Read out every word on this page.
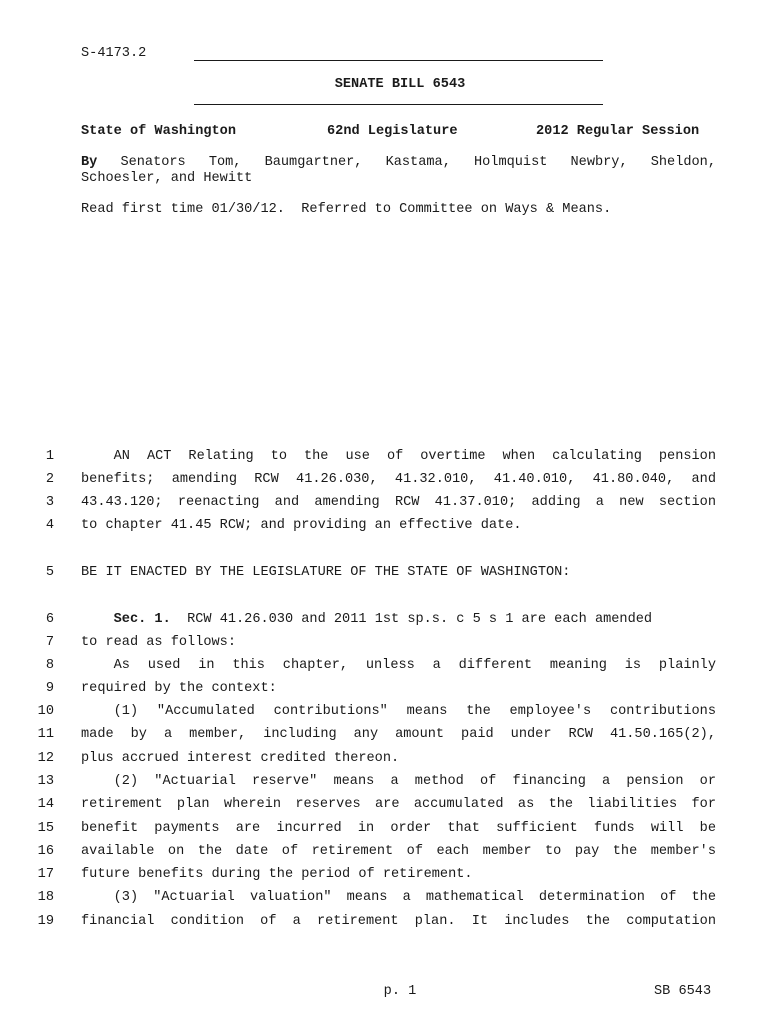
S-4173.2
SENATE BILL 6543
State of Washington	62nd Legislature	2012 Regular Session
By Senators Tom, Baumgartner, Kastama, Holmquist Newbry, Sheldon,
Schoesler, and Hewitt
Read first time 01/30/12.  Referred to Committee on Ways & Means.
1	AN ACT Relating to the use of overtime when calculating pension
2 benefits; amending RCW 41.26.030, 41.32.010, 41.40.010, 41.80.040, and
3 43.43.120; reenacting and amending RCW 41.37.010; adding a new section
4 to chapter 41.45 RCW; and providing an effective date.
5 BE IT ENACTED BY THE LEGISLATURE OF THE STATE OF WASHINGTON:
6	Sec. 1.  RCW 41.26.030 and 2011 1st sp.s. c 5 s 1 are each amended
7 to read as follows:
8	As used in this chapter, unless a different meaning is plainly
9 required by the context:
10	(1) "Accumulated contributions" means the employee's contributions
11 made by a member, including any amount paid under RCW 41.50.165(2),
12 plus accrued interest credited thereon.
13	(2) "Actuarial reserve" means a method of financing a pension or
14 retirement plan wherein reserves are accumulated as the liabilities for
15 benefit payments are incurred in order that sufficient funds will be
16 available on the date of retirement of each member to pay the member's
17 future benefits during the period of retirement.
18	(3) "Actuarial valuation" means a mathematical determination of the
19 financial condition of a retirement plan. It includes the computation
p. 1	SB 6543
